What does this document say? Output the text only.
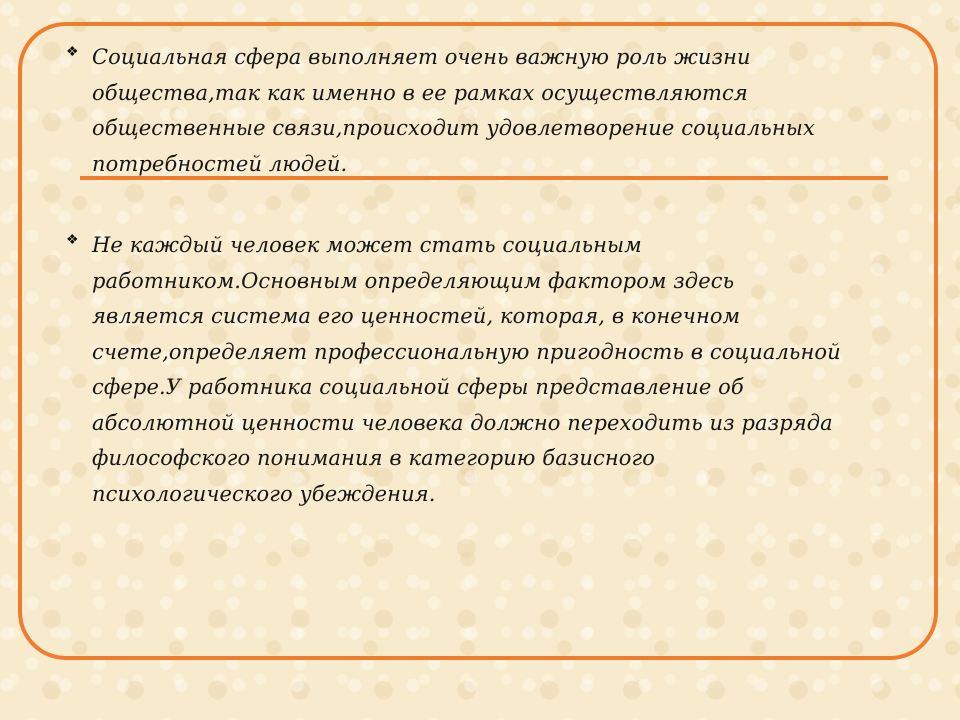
❖ Социальная сфера выполняет очень важную роль жизни
общества,так как именно в ее рамках осуществляются
общественные связи,происходит удовлетворение социальных
потребностей людей.
❖ Не каждый человек может стать социальным
работником.Основным определяющим фактором здесь
является система его ценностей, которая, в конечном
счете,определяет профессиональную пригодность в социальной
сфере.У работника социальной сферы представление об
абсолютной ценности человека должно переходить из разряда
философского понимания в категорию базисного
психологического убеждения.
